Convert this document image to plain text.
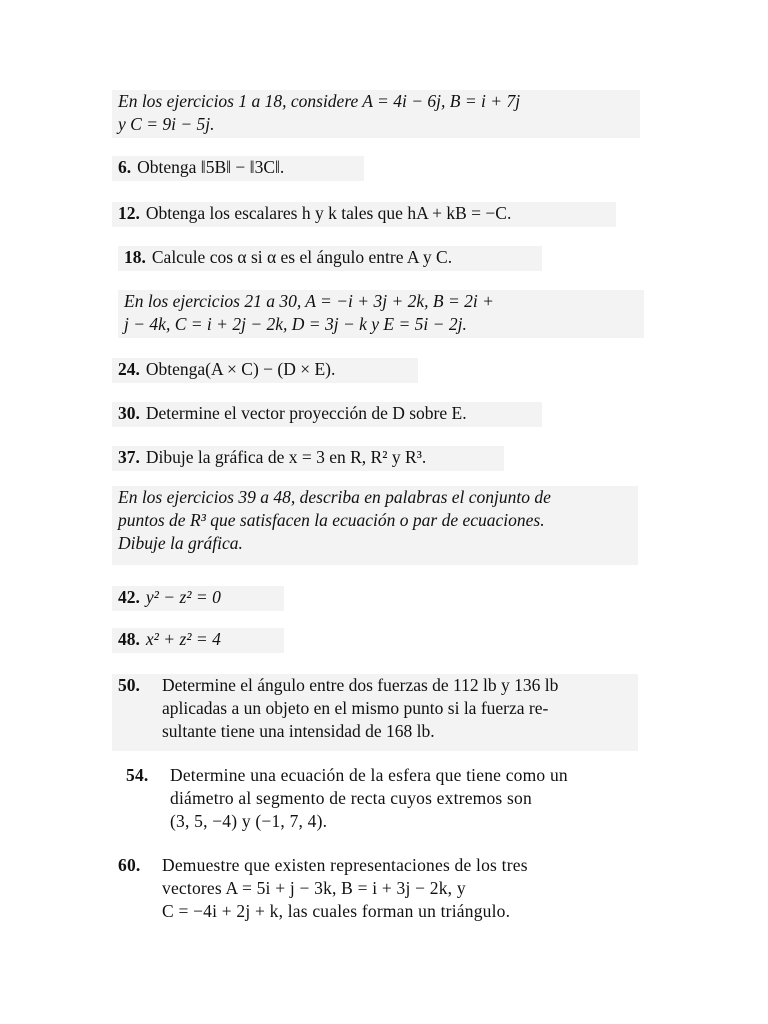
En los ejercicios 1 a 18, considere A = 4i − 6j, B = i + 7j
y C = 9i − 5j.
6. Obtenga ‖5B‖ − ‖3C‖.
12. Obtenga los escalares h y k tales que hA + kB = −C.
18. Calcule cos α si α es el ángulo entre A y C.
En los ejercicios 21 a 30, A = −i + 3j + 2k, B = 2i +
j − 4k, C = i + 2j − 2k, D = 3j − k y E = 5i − 2j.
24. Obtenga(A × C) − (D × E).
30. Determine el vector proyección de D sobre E.
37. Dibuje la gráfica de x = 3 en R, R² y R³.
En los ejercicios 39 a 48, describa en palabras el conjunto de
puntos de R³ que satisfacen la ecuación o par de ecuaciones.
Dibuje la gráfica.
42. y² − z² = 0
48. x² + z² = 4
50. Determine el ángulo entre dos fuerzas de 112 lb y 136 lb
aplicadas a un objeto en el mismo punto si la fuerza re-
sultante tiene una intensidad de 168 lb.
54. Determine una ecuación de la esfera que tiene como un
diámetro al segmento de recta cuyos extremos son
(3, 5, −4) y (−1, 7, 4).
60. Demuestre que existen representaciones de los tres
vectores A = 5i + j − 3k, B = i + 3j − 2k, y
C = −4i + 2j + k, las cuales forman un triángulo.
